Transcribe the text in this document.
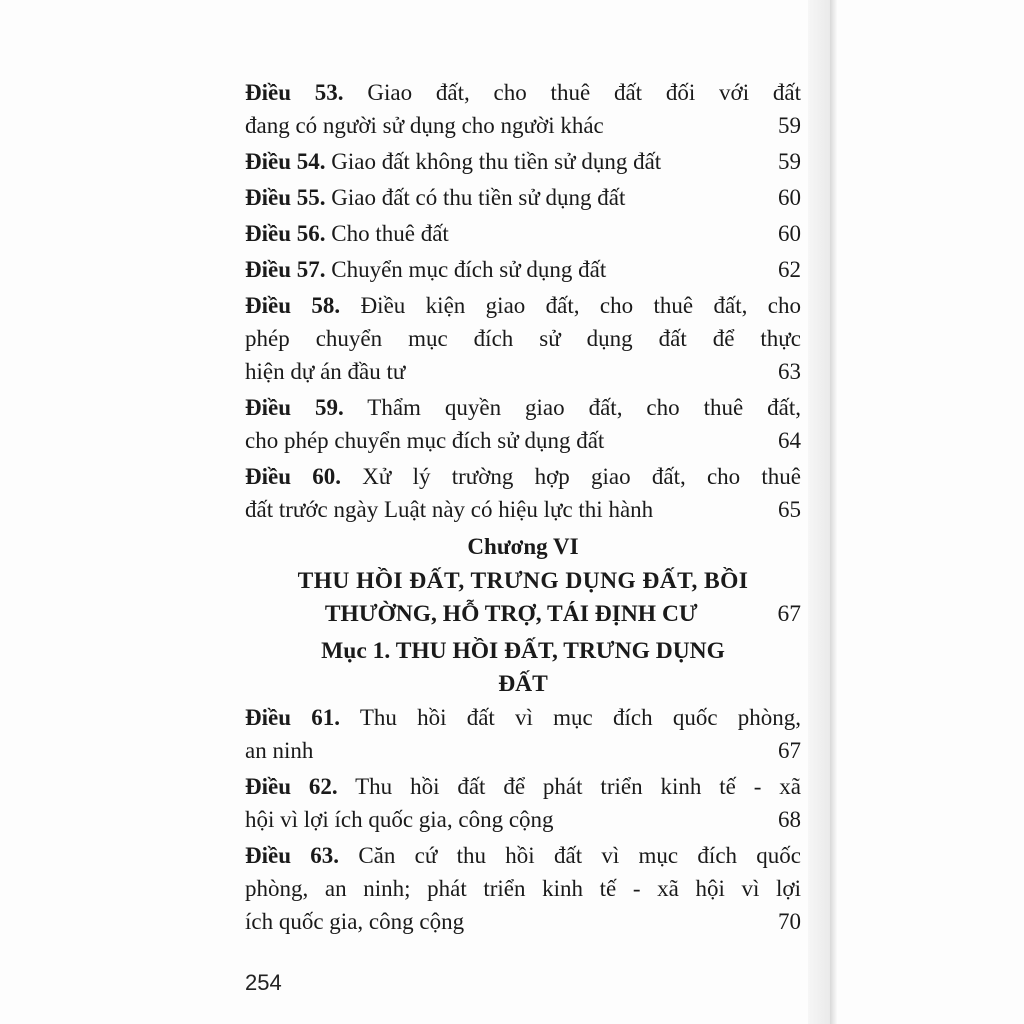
Điều 53. Giao đất, cho thuê đất đối với đất
đang có người sử dụng cho người khác	59
Điều 54. Giao đất không thu tiền sử dụng đất	59
Điều 55. Giao đất có thu tiền sử dụng đất	60
Điều 56. Cho thuê đất	60
Điều 57. Chuyển mục đích sử dụng đất	62
Điều 58. Điều kiện giao đất, cho thuê đất, cho
phép chuyển mục đích sử dụng đất để thực
hiện dự án đầu tư	63
Điều 59. Thẩm quyền giao đất, cho thuê đất,
cho phép chuyển mục đích sử dụng đất	64
Điều 60. Xử lý trường hợp giao đất, cho thuê
đất trước ngày Luật này có hiệu lực thi hành	65
Chương VI
THU HỒI ĐẤT, TRƯNG DỤNG ĐẤT, BỒI
THƯỜNG, HỖ TRỢ, TÁI ĐỊNH CƯ	67
Mục 1. THU HỒI ĐẤT, TRƯNG DỤNG
ĐẤT
Điều 61. Thu hồi đất vì mục đích quốc phòng,
an ninh	67
Điều 62. Thu hồi đất để phát triển kinh tế - xã
hội vì lợi ích quốc gia, công cộng	68
Điều 63. Căn cứ thu hồi đất vì mục đích quốc
phòng, an ninh; phát triển kinh tế - xã hội vì lợi
ích quốc gia, công cộng	70
254
